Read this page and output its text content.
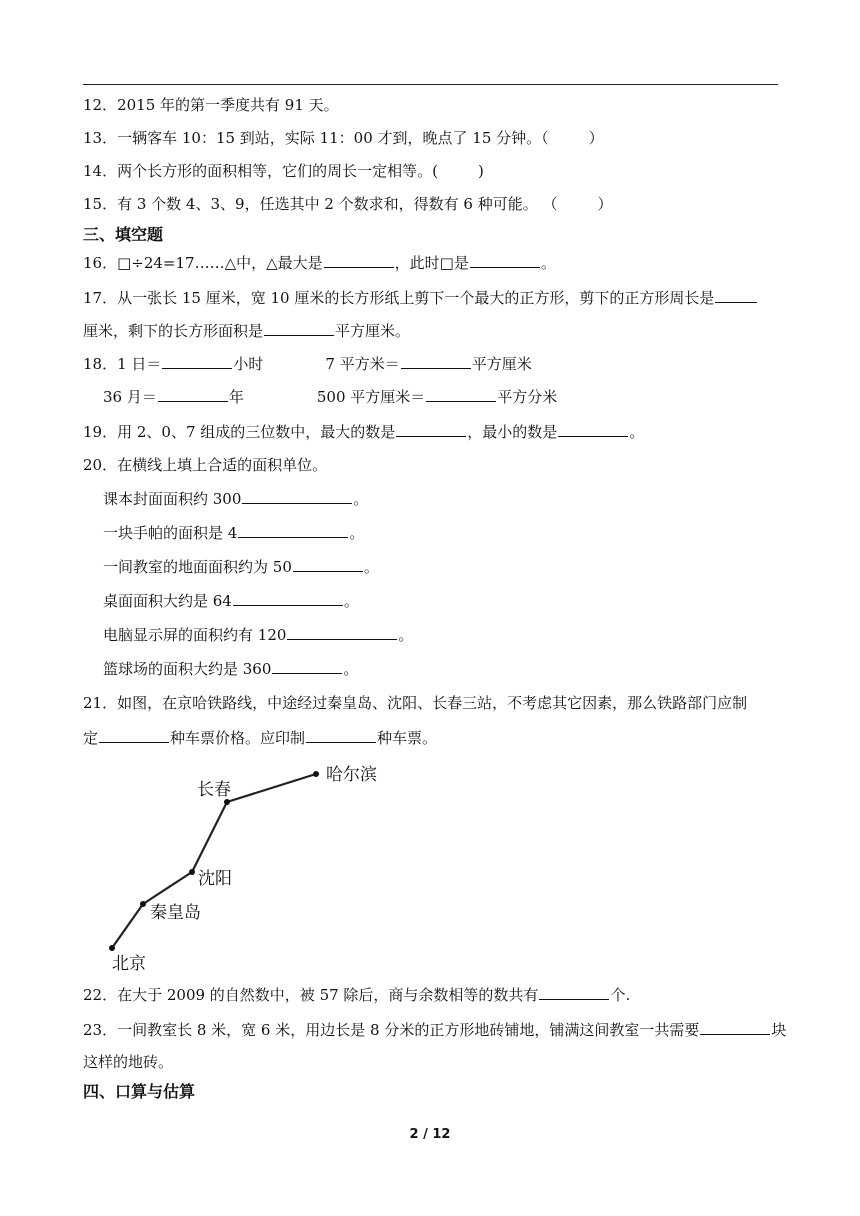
12．2015 年的第一季度共有 91 天。
13．一辆客车 10：15 到站，实际 11：00 才到，晚点了 15 分钟。（	）
14．两个长方形的面积相等，它们的周长一定相等。(	)
15．有 3 个数 4、3、9，任选其中 2 个数求和，得数有 6 种可能。 （	）
三、填空题
16．□÷24=17……△中，△最大是	，此时□是	。
17．从一张长 15 厘米，宽 10 厘米的长方形纸上剪下一个最大的正方形，剪下的正方形周长是
厘米，剩下的长方形面积是	平方厘米。
18．1 日＝	小时	7 平方米＝	平方厘米
36 月＝	年	500 平方厘米＝	平方分米
19．用 2、0、7 组成的三位数中，最大的数是	，最小的数是	。
20．在横线上填上合适的面积单位。
课本封面面积约 300	。
一块手帕的面积是 4	。
一间教室的地面面积约为 50	。
桌面面积大约是 64	。
电脑显示屏的面积约有 120	。
篮球场的面积大约是 360	。
21．如图，在京哈铁路线，中途经过秦皇岛、沈阳、长春三站，不考虑其它因素，那么铁路部门应制
定	种车票价格。应印制	种车票。
北京
秦皇岛
沈阳
长春
哈尔滨
22．在大于 2009 的自然数中，被 57 除后，商与余数相等的数共有	个.
23．一间教室长 8 米，宽 6 米，用边长是 8 分米的正方形地砖铺地，铺满这间教室一共需要	块
这样的地砖。
四、口算与估算
2 / 12
